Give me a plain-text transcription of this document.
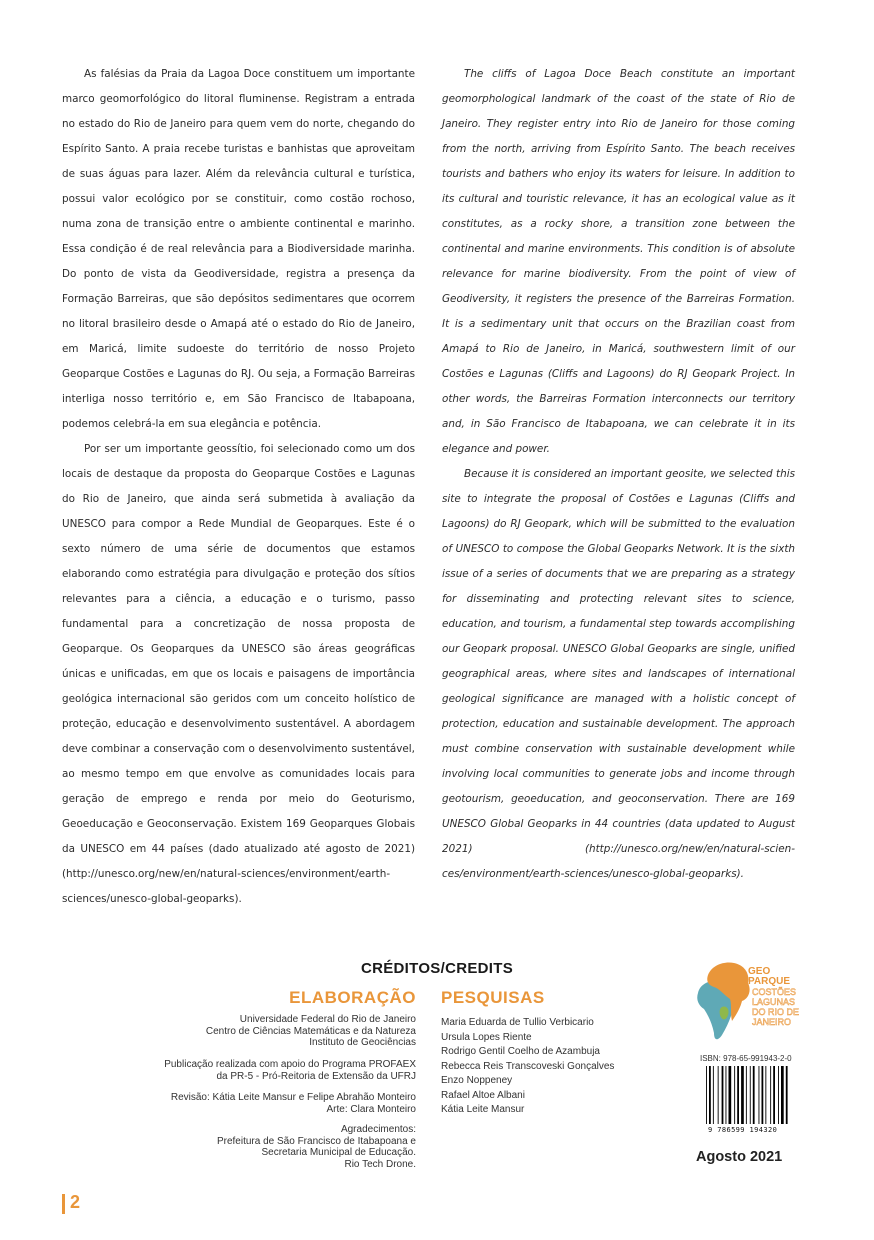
As falésias da Praia da Lagoa Doce constituem um importante marco geomorfológico do litoral fluminense. Registram a entrada no estado do Rio de Janeiro para quem vem do norte, chegando do Espírito Santo. A praia recebe turistas e banhistas que aproveitam de suas águas para lazer. Além da relevância cultural e turística, possui valor ecológico por se constituir, como costão rochoso, numa zona de transição entre o ambiente continental e marinho. Essa condição é de real relevância para a Biodiversidade marinha. Do ponto de vista da Geodiversidade, registra a presença da Formação Barreiras, que são depósitos sedimentares que ocorrem no litoral brasileiro desde o Amapá até o estado do Rio de Janeiro, em Maricá, limite sudoeste do território de nosso Projeto Geoparque Costões e Lagunas do RJ. Ou seja, a Formação Barreiras interliga nosso território e, em São Francisco de Itabapoana, podemos celebrá-la em sua elegância e potência.

Por ser um importante geossítio, foi selecionado como um dos locais de destaque da proposta do Geoparque Costões e Lagunas do Rio de Janeiro, que ainda será submetida à avaliação da UNESCO para compor a Rede Mundial de Geoparques. Este é o sexto número de uma série de documentos que estamos elaborando como estratégia para divulgação e proteção dos sítios relevantes para a ciência, a educação e o turismo, passo fundamental para a concretização de nossa proposta de Geoparque. Os Geoparques da UNESCO são áreas geográficas únicas e unificadas, em que os locais e paisagens de importância geológica internacional são geridos com um conceito holístico de proteção, educação e desenvolvimento sustentável. A abordagem deve combinar a conservação com o desenvolvimento sustentável, ao mesmo tempo em que envolve as comunidades locais para geração de emprego e renda por meio do Geoturismo, Geoeducação e Geoconservação. Existem 169 Geoparques Globais da UNESCO em 44 países (dado atualizado até agosto de 2021) (http://unesco.org/new/en/natural-sciences/environment/earth-sciences/unesco-global-geoparks).

The cliffs of Lagoa Doce Beach constitute an important geomorphological landmark of the coast of the state of Rio de Janeiro. They register entry into Rio de Janeiro for those coming from the north, arriving from Espírito Santo. The beach receives tourists and bathers who enjoy its waters for leisure. In addition to its cultural and touristic relevance, it has an ecological value as it constitutes, as a rocky shore, a transition zone between the continental and marine environments. This condition is of absolute relevance for marine biodiversity. From the point of view of Geodiversity, it registers the presence of the Barreiras Formation. It is a sedimentary unit that occurs on the Brazilian coast from Amapá to Rio de Janeiro, in Maricá, southwestern limit of our Costões e Lagunas (Cliffs and Lagoons) do RJ Geopark Project. In other words, the Barreiras Formation interconnects our territory and, in São Francisco de Itabapoana, we can celebrate it in its elegance and power.

Because it is considered an important geosite, we selected this site to integrate the proposal of Costões e Lagunas (Cliffs and Lagoons) do RJ Geopark, which will be submitted to the evaluation of UNESCO to compose the Global Geoparks Network. It is the sixth issue of a series of documents that we are preparing as a strategy for disseminating and protecting relevant sites to science, education, and tourism, a fundamental step towards accomplishing our Geopark proposal. UNESCO Global Geoparks are single, unified geographical areas, where sites and landscapes of international geological significance are managed with a holistic concept of protection, education and sustainable development. The approach must combine conservation with sustainable development while involving local communities to generate jobs and income through geotourism, geoeducation, and geoconservation. There are 169 UNESCO Global Geoparks in 44 countries (data updated to August 2021) (http://unesco.org/new/en/natural-sciences/environment/earth-sciences/unesco-global-geoparks).

CRÉDITOS/CREDITS
ELABORAÇÃO PESQUISAS
Universidade Federal do Rio de Janeiro
Centro de Ciências Matemáticas e da Natureza
Instituto de Geociências
Publicação realizada com apoio do Programa PROFAEX
da PR-5 - Pró-Reitoria de Extensão da UFRJ
Revisão: Kátia Leite Mansur e Felipe Abrahão Monteiro
Arte: Clara Monteiro
Agradecimentos:
Prefeitura de São Francisco de Itabapoana e
Secretaria Municipal de Educação.
Rio Tech Drone.
Maria Eduarda de Tullio Verbicario
Ursula Lopes Riente
Rodrigo Gentil Coelho de Azambuja
Rebecca Reis Transcoveski Gonçalves
Enzo Noppeney
Rafael Altoe Albani
Kátia Leite Mansur
GEO
PARQUE
COSTÕES
LAGUNAS
DO RIO DE
JANEIRO
ISBN: 978-65-991943-2-0
9 786599 194320
Agosto 2021
2
